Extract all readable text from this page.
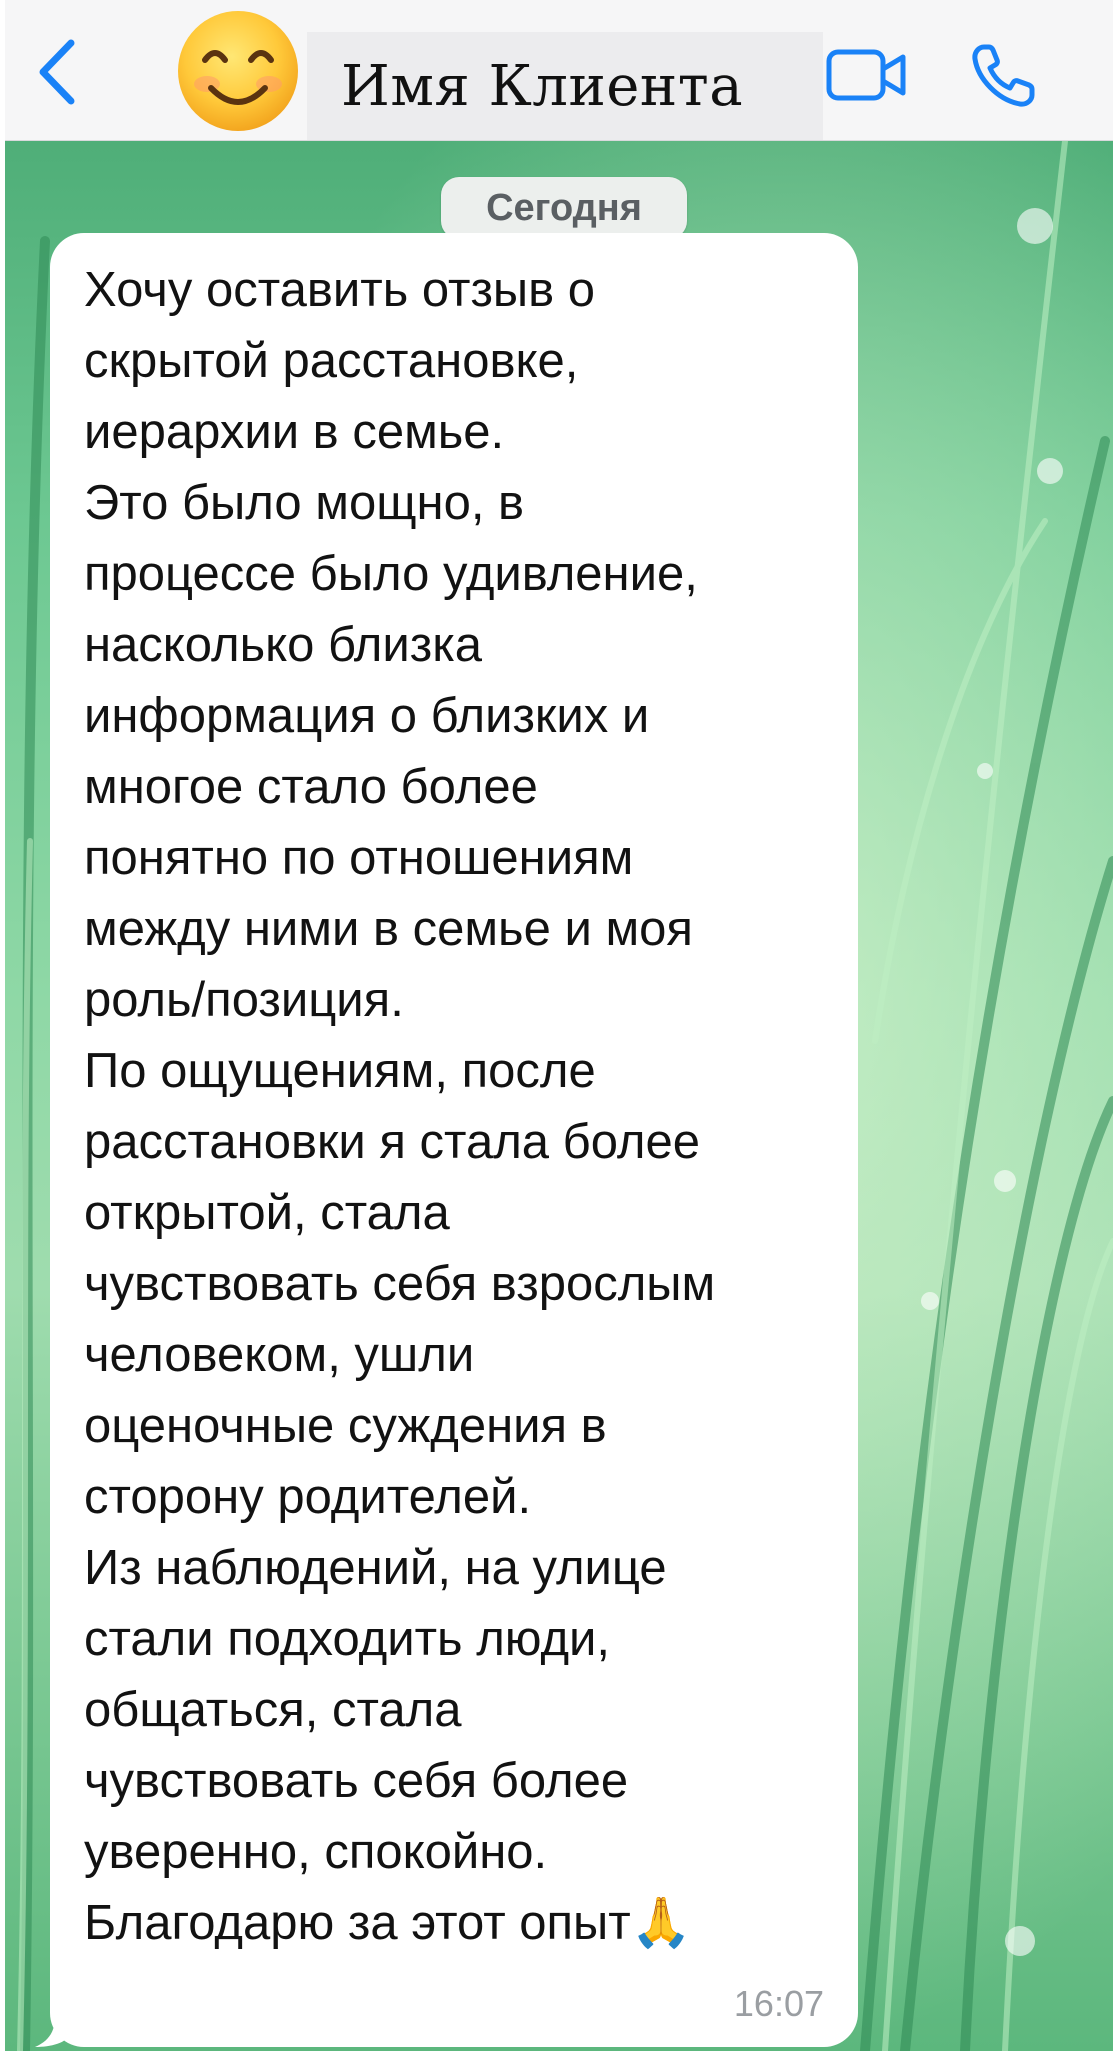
Имя Клиента
Сегодня

Хочу оставить отзыв о
скрытой расстановке,
иерархии в семье.
Это было мощно, в
процессе было удивление,
насколько близка
информация о близких и
многое стало более
понятно по отношениям
между ними в семье и моя
роль/позиция.
По ощущениям, после
расстановки я стала более
открытой, стала
чувствовать себя взрослым
человеком, ушли
оценочные суждения в
сторону родителей.
Из наблюдений, на улице
стали подходить люди,
общаться, стала
чувствовать себя более
уверенно, спокойно.
Благодарю за этот опыт🙏

16:07
